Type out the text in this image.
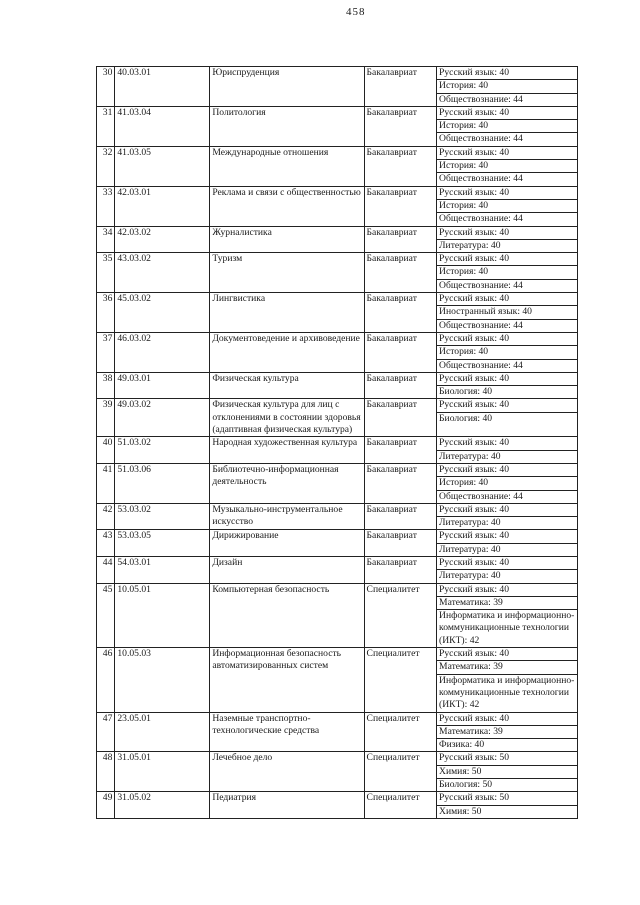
458
30	40.03.01	Юриспруденция	Бакалавриат	Русский язык: 40
История: 40
Обществознание: 44

31	41.03.04	Политология	Бакалавриат	Русский язык: 40
История: 40
Обществознание: 44

32	41.03.05	Международные отношения	Бакалавриат	Русский язык: 40
История: 40
Обществознание: 44

33	42.03.01	Реклама и связи с общественностью	Бакалавриат	Русский язык: 40
История: 40
Обществознание: 44

34	42.03.02	Журналистика	Бакалавриат	Русский язык: 40
Литература: 40

35	43.03.02	Туризм	Бакалавриат	Русский язык: 40
История: 40
Обществознание: 44

36	45.03.02	Лингвистика	Бакалавриат	Русский язык: 40
Иностранный язык: 40
Обществознание: 44

37	46.03.02	Документоведение и архивоведение	Бакалавриат	Русский язык: 40
История: 40
Обществознание: 44

38	49.03.01	Физическая культура	Бакалавриат	Русский язык: 40
Биология: 40

39	49.03.02	Физическая культура для лиц с отклонениями в состоянии здоровья (адаптивная физическая культура)	Бакалавриат	Русский язык: 40
Биология: 40

40	51.03.02	Народная художественная культура	Бакалавриат	Русский язык: 40
Литература: 40

41	51.03.06	Библиотечно-информационная деятельность	Бакалавриат	Русский язык: 40
История: 40
Обществознание: 44

42	53.03.02	Музыкально-инструментальное искусство	Бакалавриат	Русский язык: 40
Литература: 40

43	53.03.05	Дирижирование	Бакалавриат	Русский язык: 40
Литература: 40

44	54.03.01	Дизайн	Бакалавриат	Русский язык: 40
Литература: 40

45	10.05.01	Компьютерная безопасность	Специалитет	Русский язык: 40
Математика: 39
Информатика и информационно-коммуникационные технологии (ИКТ): 42

46	10.05.03	Информационная безопасность автоматизированных систем	Специалитет	Русский язык: 40
Математика: 39
Информатика и информационно-коммуникационные технологии (ИКТ): 42

47	23.05.01	Наземные транспортно-технологические средства	Специалитет	Русский язык: 40
Математика: 39
Физика: 40

48	31.05.01	Лечебное дело	Специалитет	Русский язык: 50
Химия: 50
Биология: 50

49	31.05.02	Педиатрия	Специалитет	Русский язык: 50
Химия: 50
